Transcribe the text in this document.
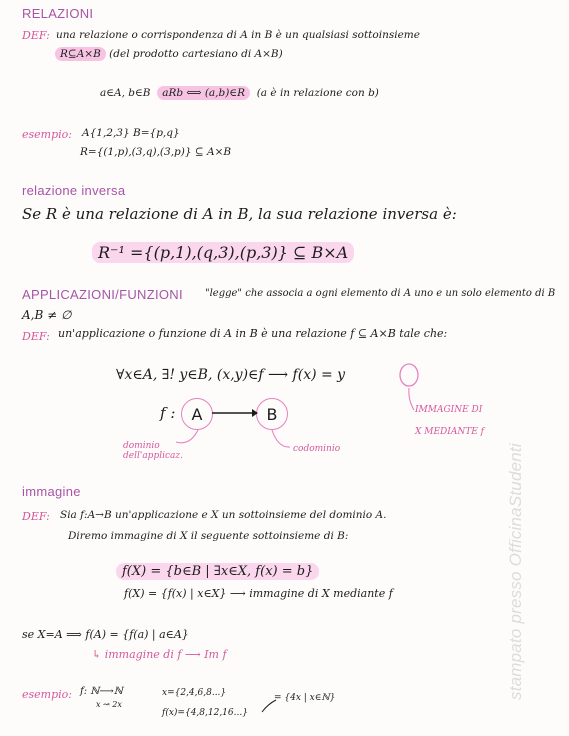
RELAZIONI
DEF: una relazione o corrispondenza di A in B è un qualsiasi sottoinsieme
R⊆A×B (del prodotto cartesiano di A×B)
a∈A, b∈B aRb ⟺ (a,b)∈R (a è in relazione con b)
esempio: A{1,2,3} B={p,q}
R={(1,p),(3,q),(3,p)} ⊆ A×B
relazione inversa
Se R è una relazione di A in B, la sua relazione inversa è:
R⁻¹ ={(p,1),(q,3),(p,3)} ⊆ B×A
APPLICAZIONI/FUNZIONI "legge" che associa a ogni elemento di A uno e un solo elemento di B
A,B ≠ ∅
DEF: un'applicazione o funzione di A in B è una relazione f ⊆ A×B tale che:
∀x∈A, ∃! y∈B, (x,y)∈f ⟶ f(x) = y
f : A	B
dominio dell'applicaz.
codominio
IMMAGINE DI
X MEDIANTE f
immagine
DEF: Sia f:A→B un'applicazione e X un sottoinsieme del dominio A.
Diremo immagine di X il seguente sottoinsieme di B:
f(X) = {b∈B | ∃x∈X, f(x) = b}
f(X) = {f(x) | x∈X} ⟶ immagine di X mediante f
se X=A ⟹ f(A) = {f(a) | a∈A}
↳ immagine di f ⟶ Im f
esempio: f: ℕ⟶ℕ
x ↝ 2x
x={2,4,6,8...}
f(x)={4,8,12,16...}
= {4x | x∈ℕ}	stampato presso OfficinaStudenti
